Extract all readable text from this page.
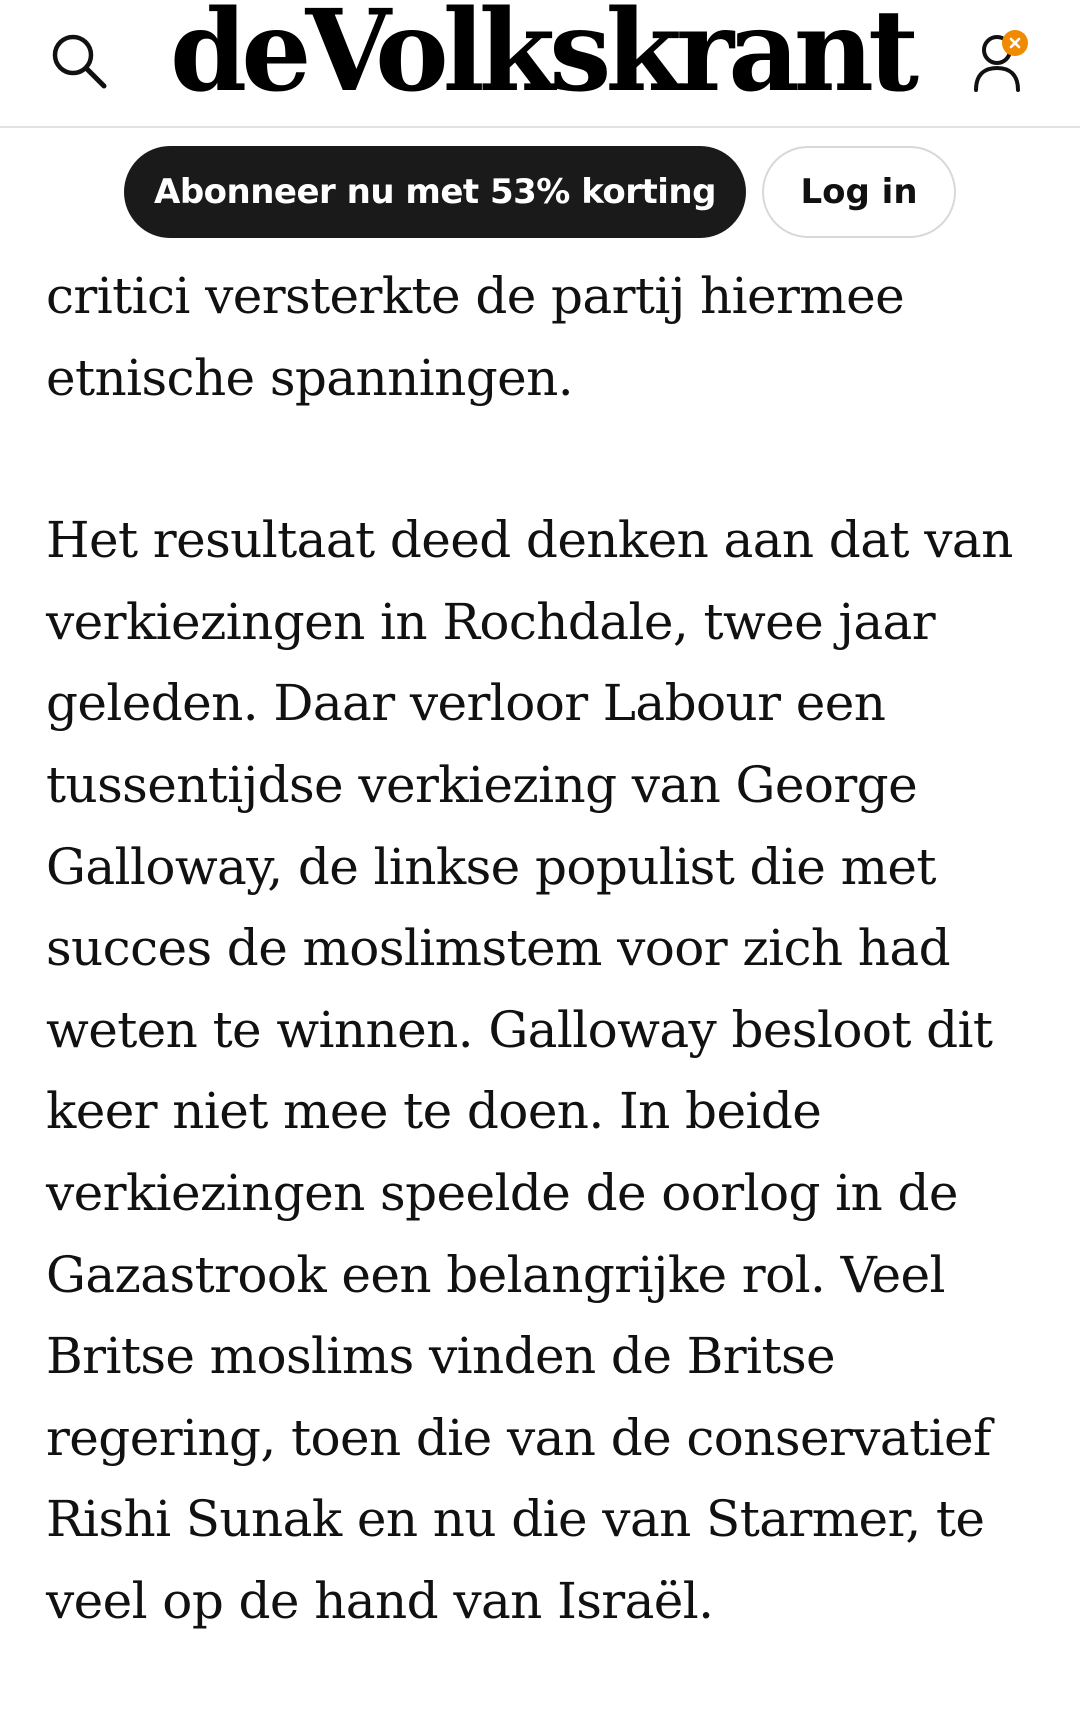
deVolkskrant
Abonneer nu met 53% korting	Log in

critici versterkte de partij hiermee
etnische spanningen.

Het resultaat deed denken aan dat van
verkiezingen in Rochdale, twee jaar
geleden. Daar verloor Labour een
tussentijdse verkiezing van George
Galloway, de linkse populist die met
succes de moslimstem voor zich had
weten te winnen. Galloway besloot dit
keer niet mee te doen. In beide
verkiezingen speelde de oorlog in de
Gazastrook een belangrijke rol. Veel
Britse moslims vinden de Britse
regering, toen die van de conservatief
Rishi Sunak en nu die van Starmer, te
veel op de hand van Israël.
